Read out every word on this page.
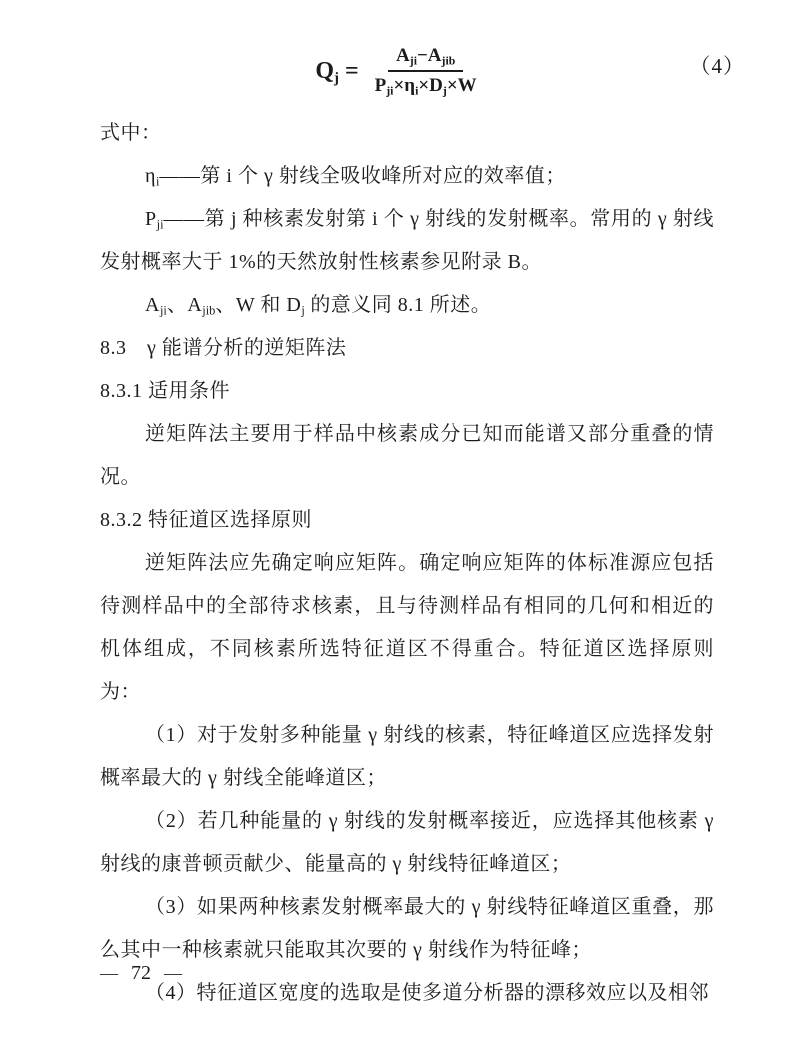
$Q_j = \frac{A_{ji}-A_{jib}}{P_{ji}\times\eta_i\times D_j\times W}$	（4）

式中：

$\eta_i——$第 i 个 γ 射线全吸收峰所对应的效率值；

$P_{ji}——$第 j 种核素发射第 i 个 γ 射线的发射概率。常用的 γ 射线发射概率大于 1%的天然放射性核素参见附录 B。

$A_{ji}$、$A_{jib}$、W 和 $D_j$ 的意义同 8.1 所述。

8.3　γ 能谱分析的逆矩阵法

8.3.1 适用条件

逆矩阵法主要用于样品中核素成分已知而能谱又部分重叠的情况。

8.3.2 特征道区选择原则

逆矩阵法应先确定响应矩阵。确定响应矩阵的体标准源应包括待测样品中的全部待求核素，且与待测样品有相同的几何和相近的机体组成，不同核素所选特征道区不得重合。特征道区选择原则为：

（1）对于发射多种能量 γ 射线的核素，特征峰道区应选择发射概率最大的 γ 射线全能峰道区；

（2）若几种能量的 γ 射线的发射概率接近，应选择其他核素 γ 射线的康普顿贡献少、能量高的 γ 射线特征峰道区；

（3）如果两种核素发射概率最大的 γ 射线特征峰道区重叠，那么其中一种核素就只能取其次要的 γ 射线作为特征峰；

（4）特征道区宽度的选取是使多道分析器的漂移效应以及相邻

— 72 —
